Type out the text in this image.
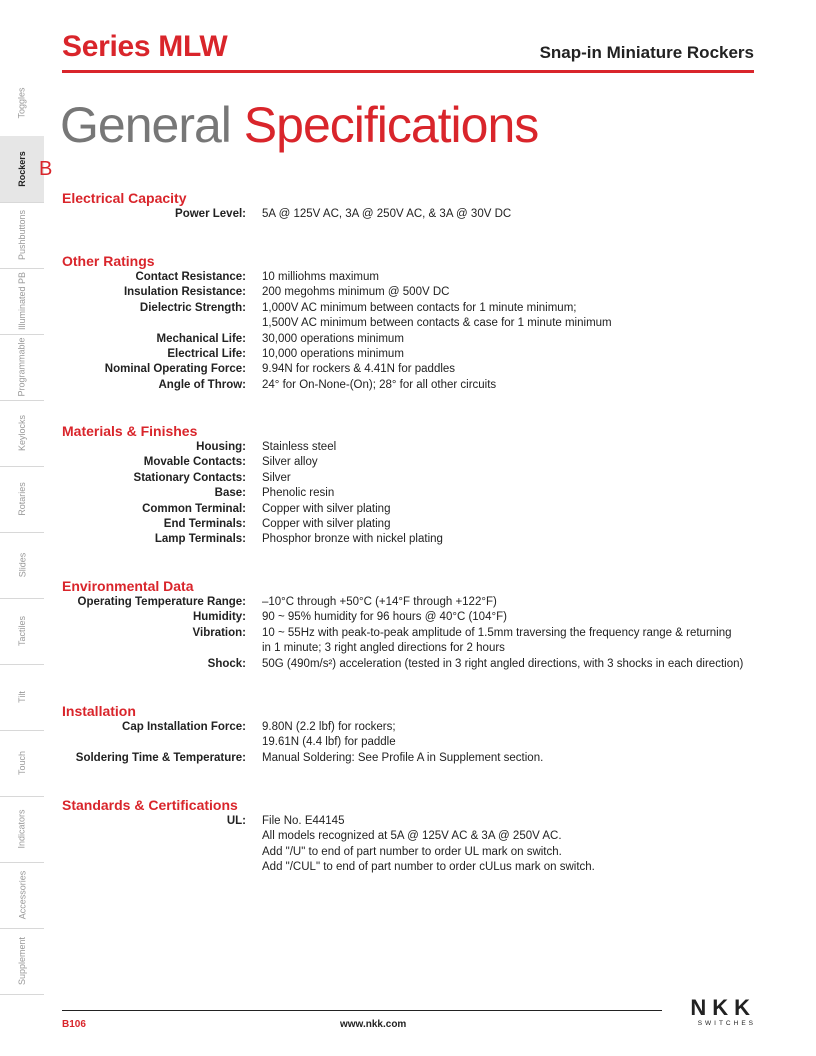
Series MLW	Snap-in Miniature Rockers
General Specifications
Toggles
Rockers
Pushbuttons
Illuminated PB
Programmable
Keylocks
Rotaries
Slides
Tactiles
Tilt
Touch
Indicators
Accessories
Supplement
B
Electrical Capacity
Power Level:	5A @ 125V AC, 3A @ 250V AC, & 3A @ 30V DC
Other Ratings
Contact Resistance:	10 milliohms maximum
Insulation Resistance:	200 megohms minimum @ 500V DC
Dielectric Strength:	1,000V AC minimum between contacts for 1 minute minimum;
1,500V AC minimum between contacts & case for 1 minute minimum
Mechanical Life:	30,000 operations minimum
Electrical Life:	10,000 operations minimum
Nominal Operating Force:	9.94N for rockers & 4.41N for paddles
Angle of Throw:	24° for On-None-(On); 28° for all other circuits
Materials & Finishes
Housing:	Stainless steel
Movable Contacts:	Silver alloy
Stationary Contacts:	Silver
Base:	Phenolic resin
Common Terminal:	Copper with silver plating
End Terminals:	Copper with silver plating
Lamp Terminals:	Phosphor bronze with nickel plating
Environmental Data
Operating Temperature Range:	–10°C through +50°C (+14°F through +122°F)
Humidity:	90 ~ 95% humidity for 96 hours @ 40°C (104°F)
Vibration:	10 ~ 55Hz with peak-to-peak amplitude of 1.5mm traversing the frequency range & returning
in 1 minute; 3 right angled directions for 2 hours
Shock:	50G (490m/s²) acceleration (tested in 3 right angled directions, with 3 shocks in each direction)
Installation
Cap Installation Force:	9.80N (2.2 lbf) for rockers;
19.61N (4.4 lbf) for paddle
Soldering Time & Temperature:	Manual Soldering: See Profile A in Supplement section.
Standards & Certifications
UL:	File No. E44145
All models recognized at 5A @ 125V AC & 3A @ 250V AC.
Add "/U" to end of part number to order UL mark on switch.
Add "/CUL" to end of part number to order cULus mark on switch.
B106	www.nkk.com
NKK
SWITCHES
